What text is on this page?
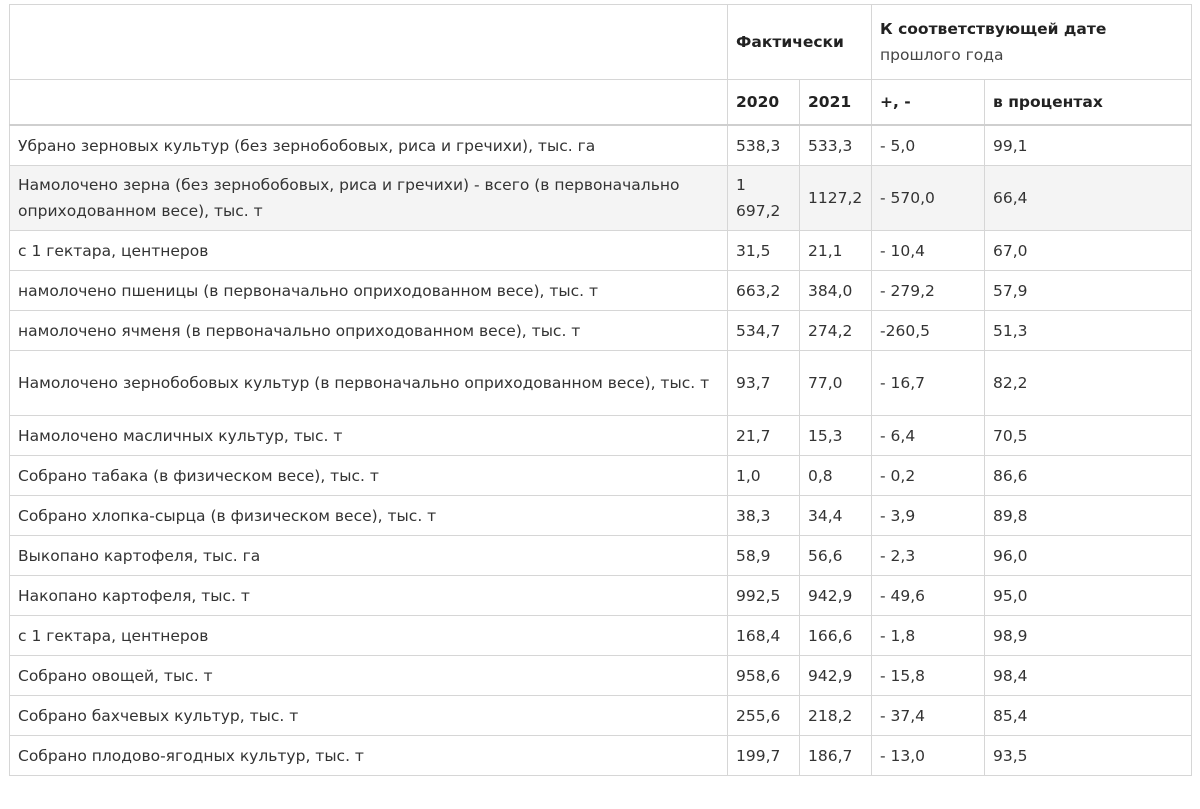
	Фактически		К соответствующей дате
прошлого года	

	2020	2021	+, -	в процентах
Убрано зерновых культур (без зернобобовых, риса и гречихи), тыс. га	538,3	533,3	- 5,0	99,1
Намолочено зерна (без зернобобовых, риса и гречихи) - всего (в первоначально оприходованном весе), тыс. т	1 697,2	1127,2	- 570,0	66,4
с 1 гектара, центнеров	31,5	21,1	- 10,4	67,0
намолочено пшеницы (в первоначально оприходованном весе), тыс. т	663,2	384,0	- 279,2	57,9
намолочено ячменя (в первоначально оприходованном весе), тыс. т	534,7	274,2	-260,5	51,3
Намолочено зернобобовых культур (в первоначально оприходованном весе), тыс. т	93,7	77,0	- 16,7	82,2
Намолочено масличных культур, тыс. т	21,7	15,3	- 6,4	70,5
Собрано табака (в физическом весе), тыс. т	1,0	0,8	- 0,2	86,6
Собрано хлопка-сырца (в физическом весе), тыс. т	38,3	34,4	- 3,9	89,8
Выкопано картофеля, тыс. га	58,9	56,6	- 2,3	96,0
Накопано картофеля, тыс. т	992,5	942,9	- 49,6	95,0
с 1 гектара, центнеров	168,4	166,6	- 1,8	98,9
Собрано овощей, тыс. т	958,6	942,9	- 15,8	98,4
Собрано бахчевых культур, тыс. т	255,6	218,2	- 37,4	85,4
Собрано плодово-ягодных культур, тыс. т	199,7	186,7	- 13,0	93,5
